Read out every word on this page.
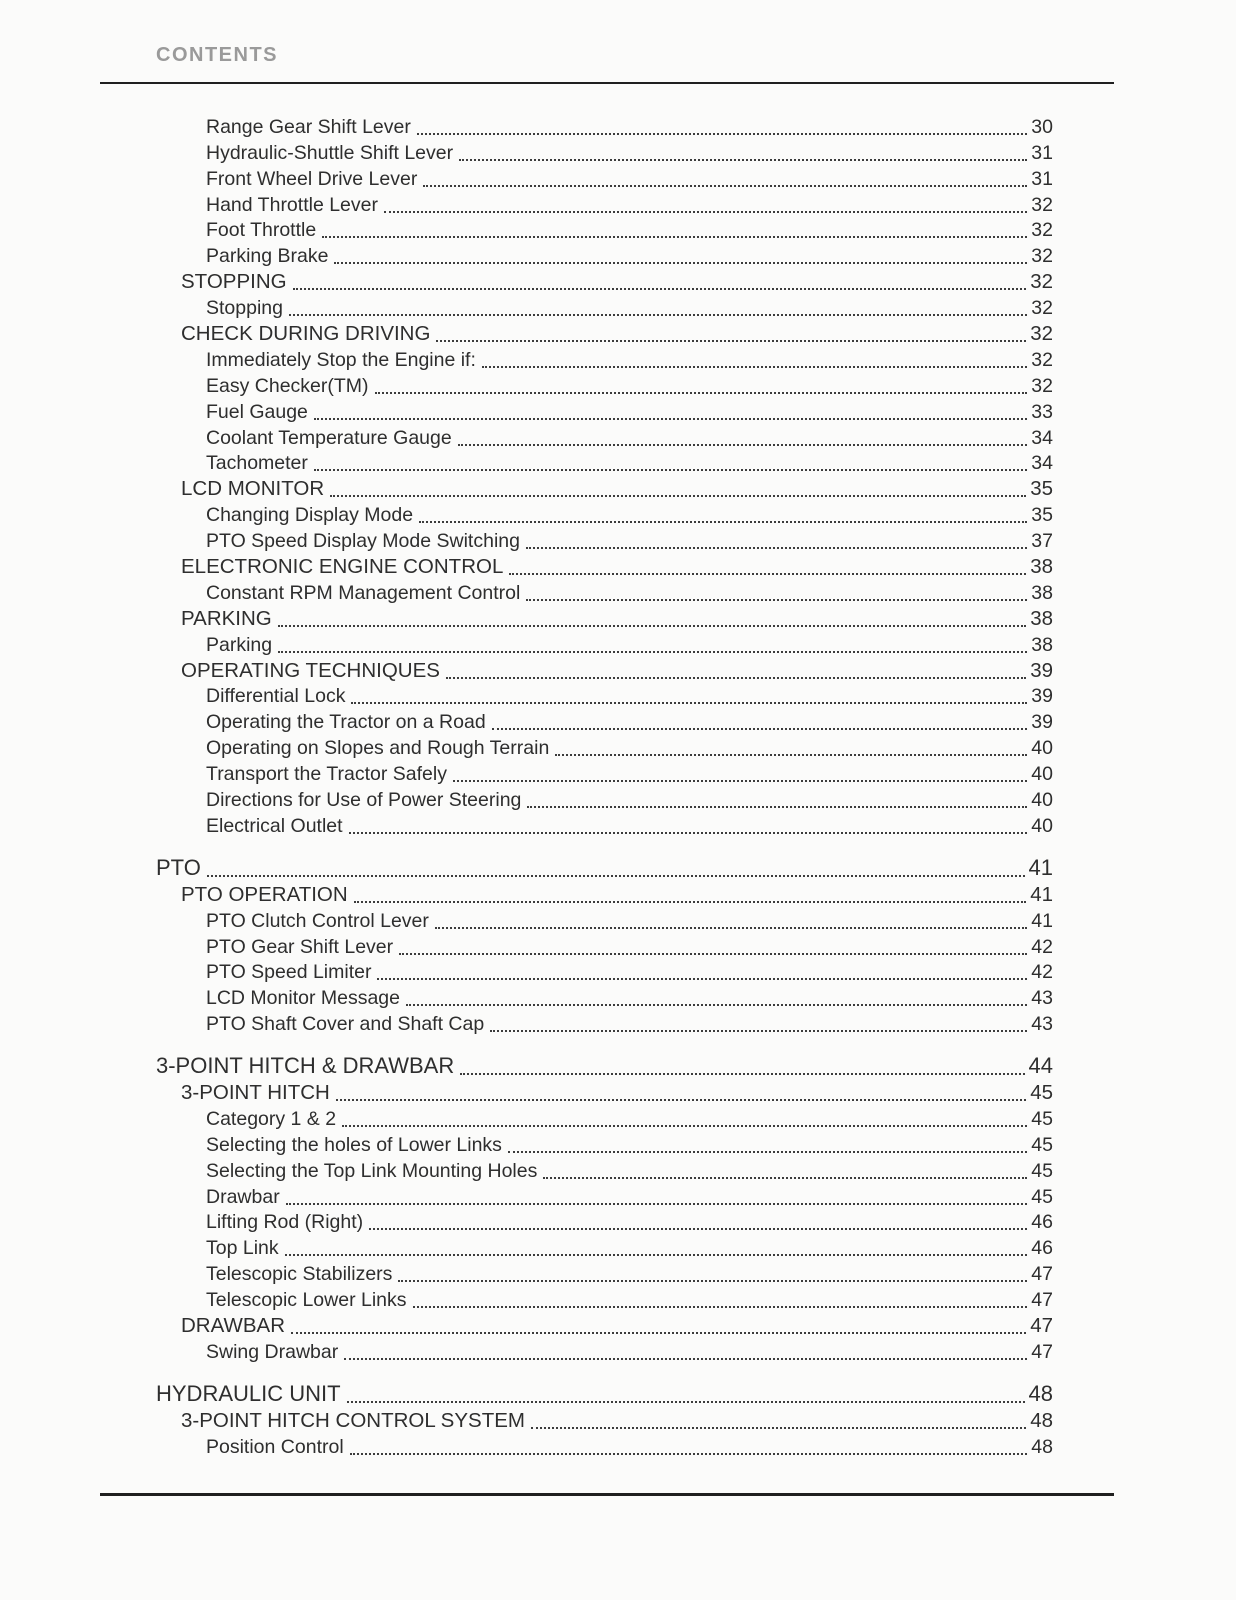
CONTENTS
Range Gear Shift Lever	30
Hydraulic-Shuttle Shift Lever	31
Front Wheel Drive Lever	31
Hand Throttle Lever	32
Foot Throttle	32
Parking Brake	32
STOPPING	32
Stopping	32
CHECK DURING DRIVING	32
Immediately Stop the Engine if:	32
Easy Checker(TM)	32
Fuel Gauge	33
Coolant Temperature Gauge	34
Tachometer	34
LCD MONITOR	35
Changing Display Mode	35
PTO Speed Display Mode Switching	37
ELECTRONIC ENGINE CONTROL	38
Constant RPM Management Control	38
PARKING	38
Parking	38
OPERATING TECHNIQUES	39
Differential Lock	39
Operating the Tractor on a Road	39
Operating on Slopes and Rough Terrain	40
Transport the Tractor Safely	40
Directions for Use of Power Steering	40
Electrical Outlet	40
PTO	41
PTO OPERATION	41
PTO Clutch Control Lever	41
PTO Gear Shift Lever	42
PTO Speed Limiter	42
LCD Monitor Message	43
PTO Shaft Cover and Shaft Cap	43
3-POINT HITCH & DRAWBAR	44
3-POINT HITCH	45
Category 1 & 2	45
Selecting the holes of Lower Links	45
Selecting the Top Link Mounting Holes	45
Drawbar	45
Lifting Rod (Right)	46
Top Link	46
Telescopic Stabilizers	47
Telescopic Lower Links	47
DRAWBAR	47
Swing Drawbar	47
HYDRAULIC UNIT	48
3-POINT HITCH CONTROL SYSTEM	48
Position Control	48
